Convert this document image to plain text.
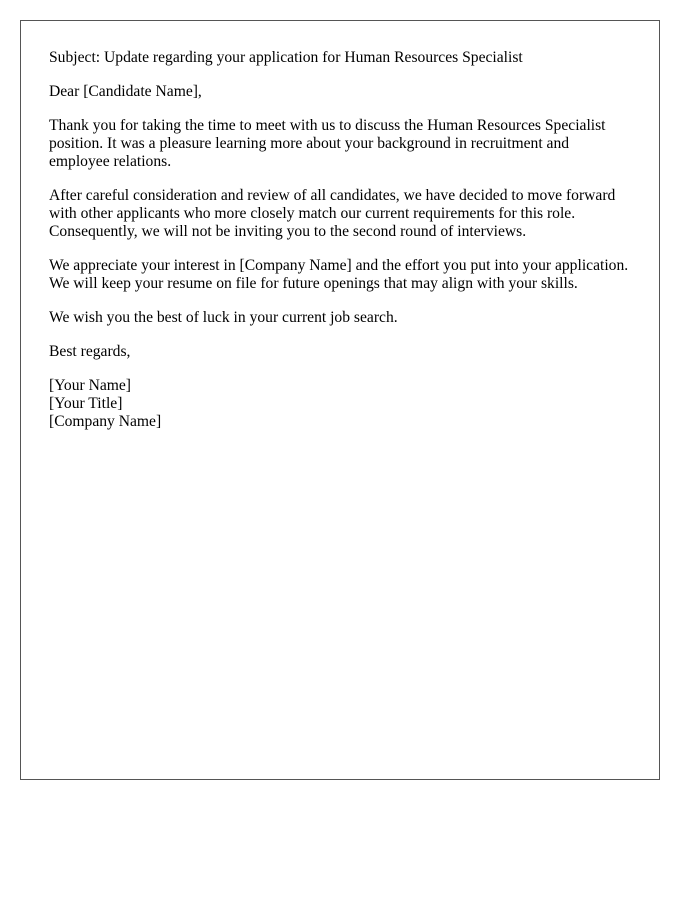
Subject: Update regarding your application for Human Resources Specialist

Dear [Candidate Name],

Thank you for taking the time to meet with us to discuss the Human Resources Specialist position. It was a pleasure learning more about your background in recruitment and employee relations.

After careful consideration and review of all candidates, we have decided to move forward with other applicants who more closely match our current requirements for this role. Consequently, we will not be inviting you to the second round of interviews.

We appreciate your interest in [Company Name] and the effort you put into your application. We will keep your resume on file for future openings that may align with your skills.

We wish you the best of luck in your current job search.

Best regards,

[Your Name]
[Your Title]
[Company Name]
